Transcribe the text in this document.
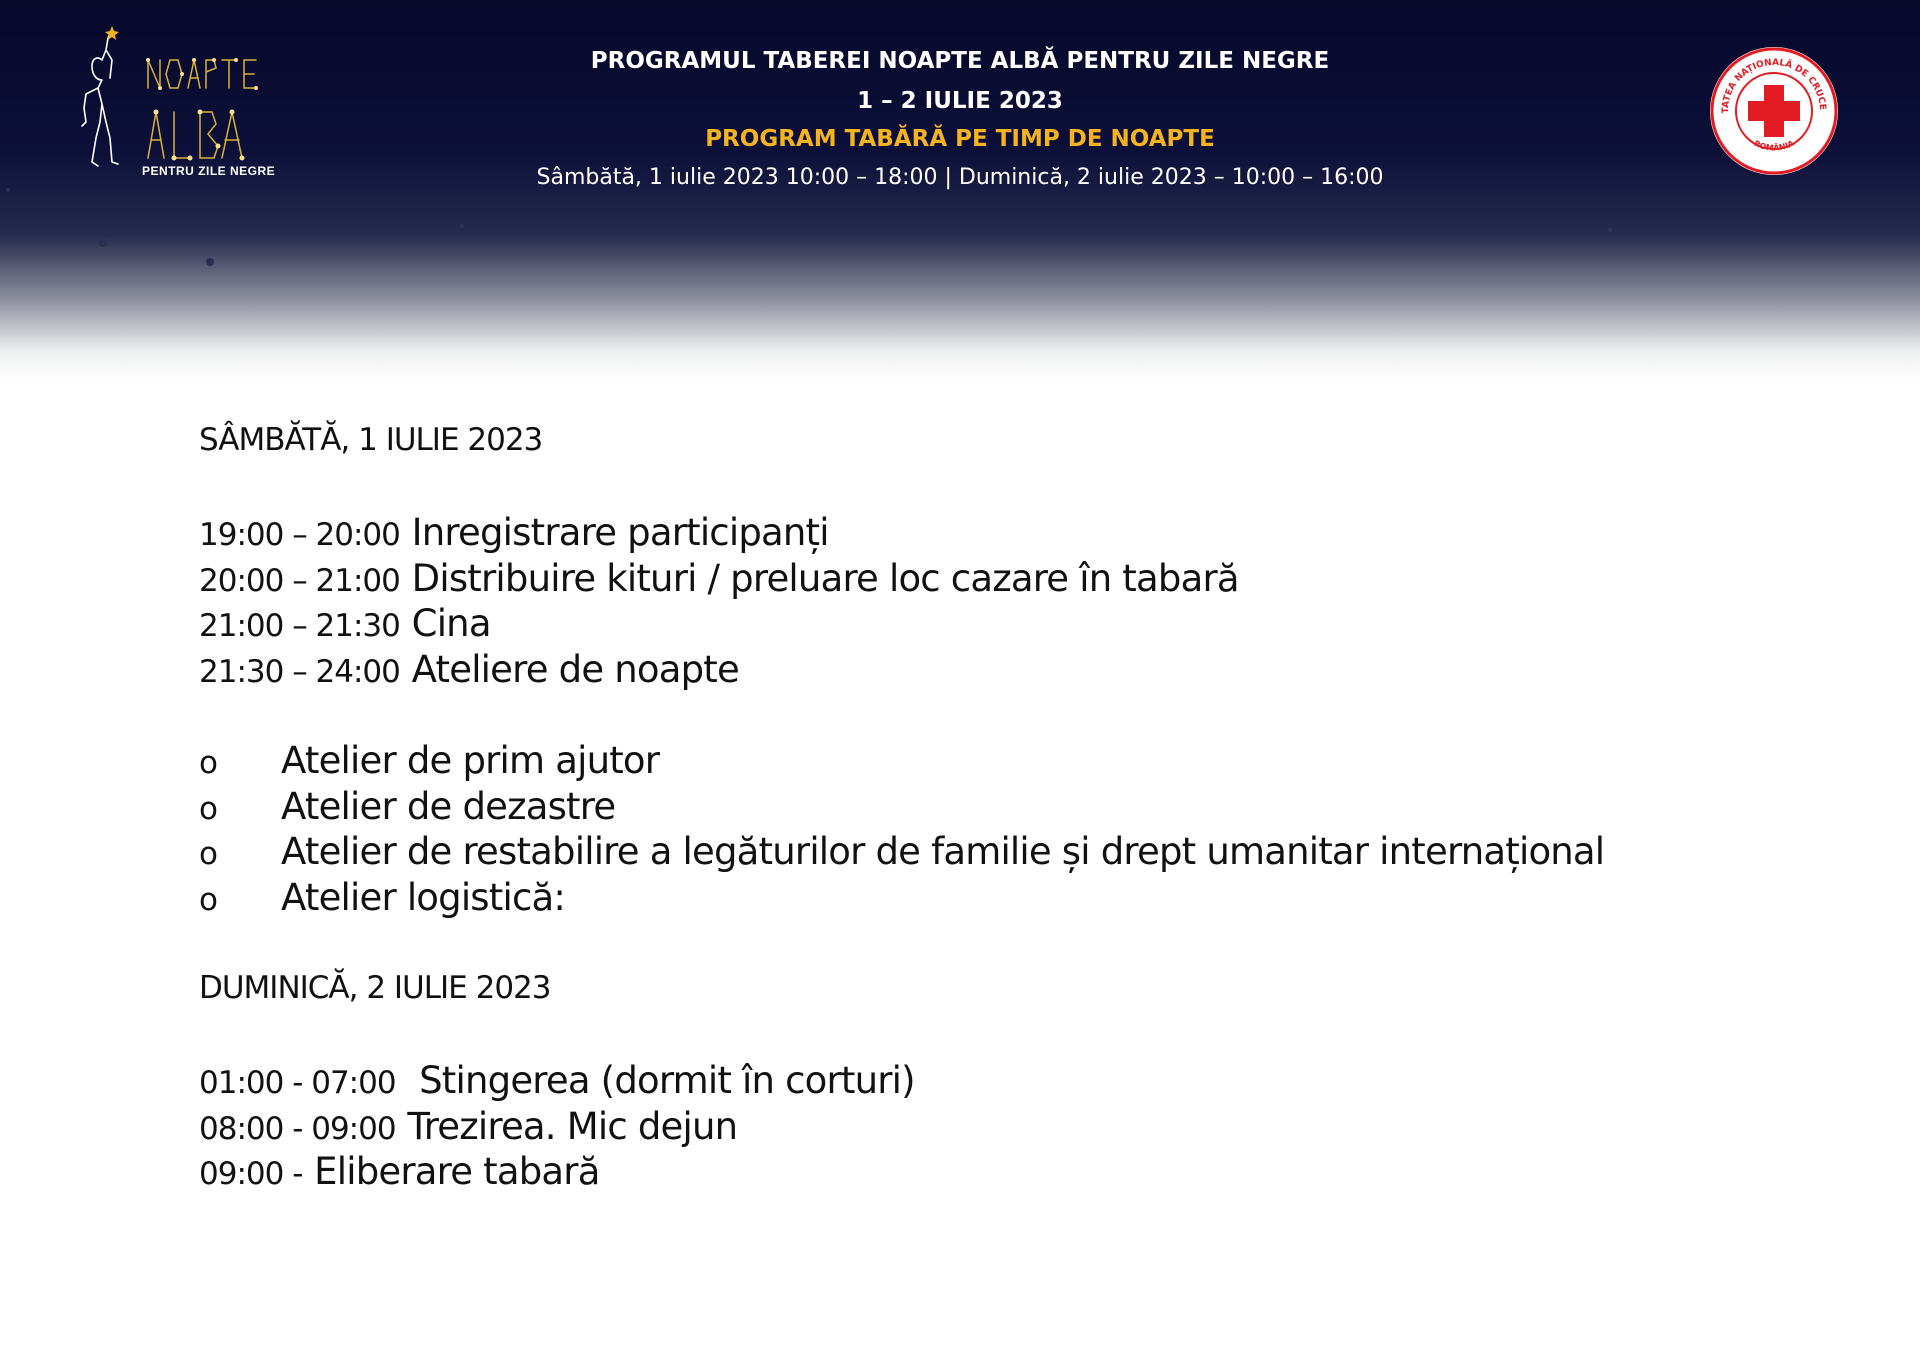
PENTRU ZILE NEGRE
PROGRAMUL TABEREI NOAPTE ALBĂ PENTRU ZILE NEGRE
1 – 2 IULIE 2023
PROGRAM TABĂRĂ PE TIMP DE NOAPTE
Sâmbătă, 1 iulie 2023 10:00 – 18:00 | Duminică, 2 iulie 2023 – 10:00 – 16:00
TATEA NAȚIONALĂ DE CRUCE
ROMÂNIA
SÂMBĂTĂ, 1 IULIE 2023
19:00 – 20:00 Inregistrare participanți
20:00 – 21:00 Distribuire kituri / preluare loc cazare în tabară
21:00 – 21:30 Cina
21:30 – 24:00 Ateliere de noapte
o Atelier de prim ajutor
o Atelier de dezastre
o Atelier de restabilire a legăturilor de familie și drept umanitar internațional
o Atelier logistică:
DUMINICĂ, 2 IULIE 2023
01:00 - 07:00 Stingerea (dormit în corturi)
08:00 - 09:00 Trezirea. Mic dejun
09:00 - Eliberare tabară
